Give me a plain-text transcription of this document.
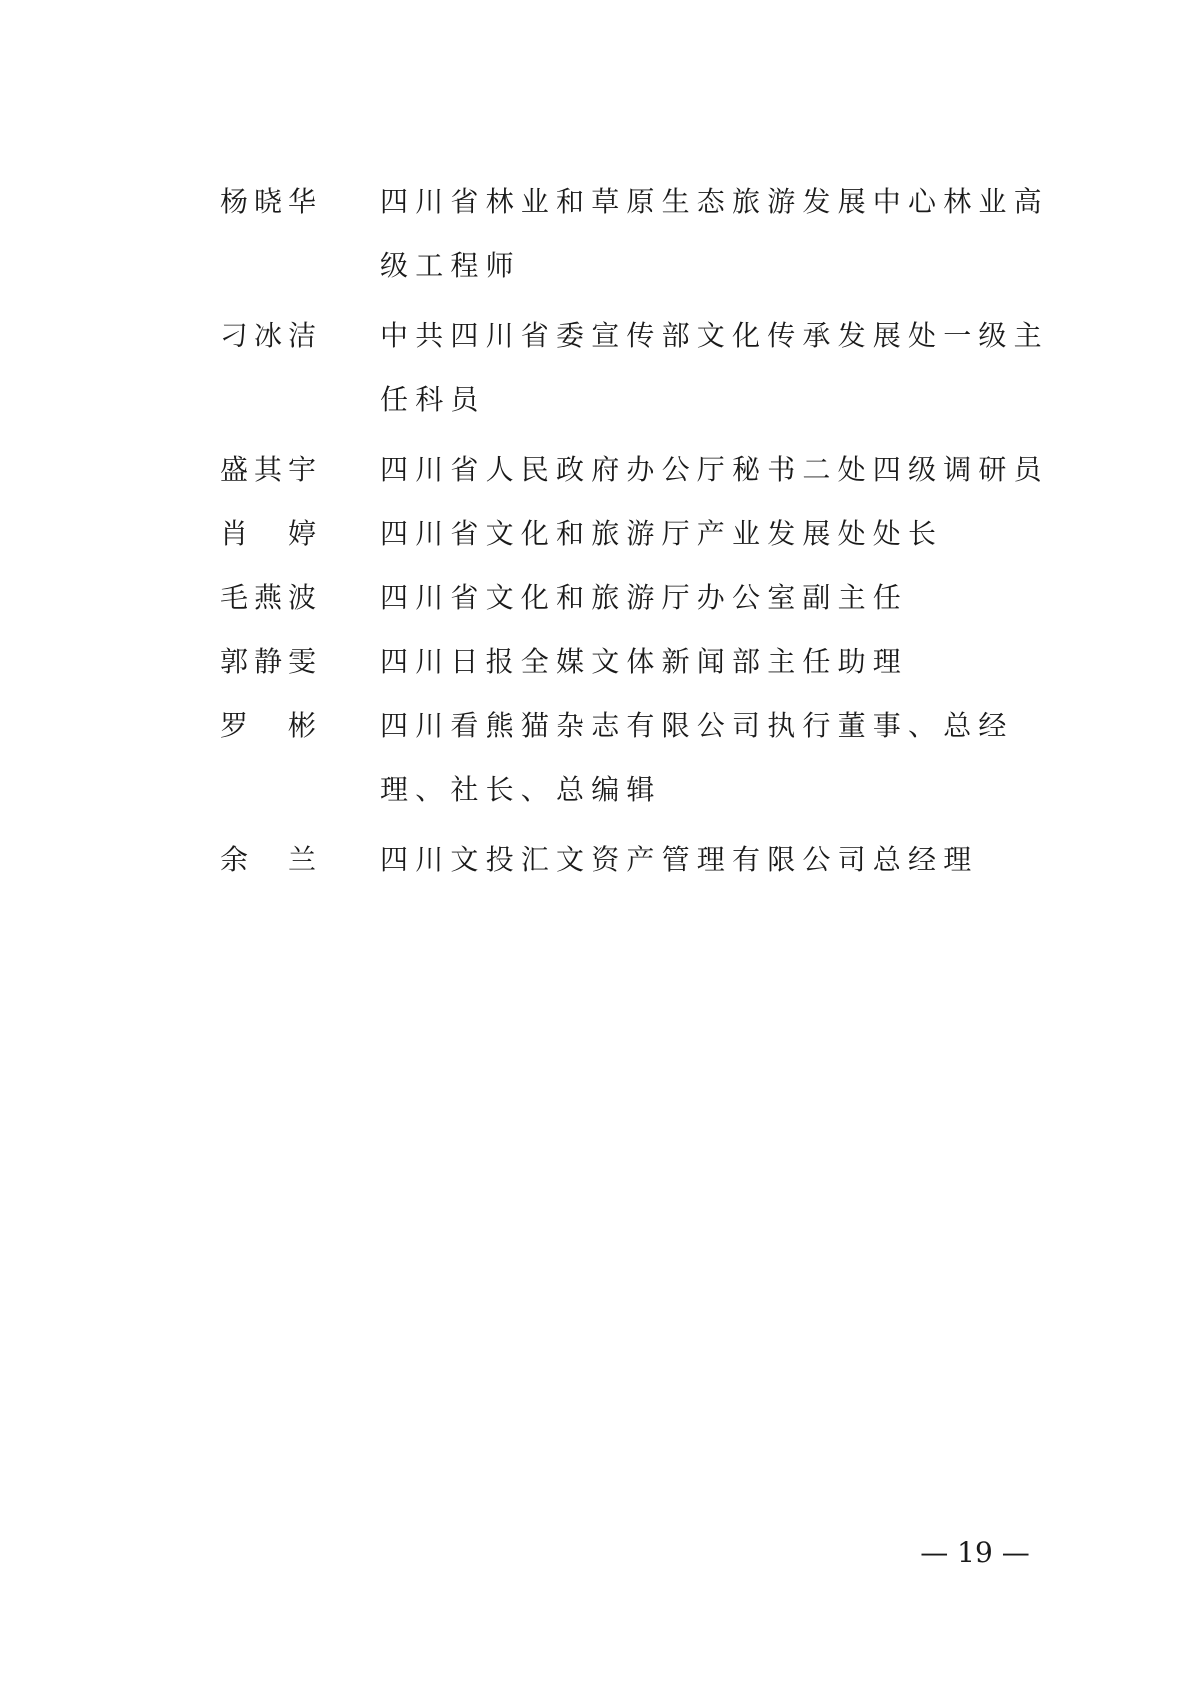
杨晓华	四川省林业和草原生态旅游发展中心林业高级工程师
刁冰洁	中共四川省委宣传部文化传承发展处一级主任科员
盛其宇	四川省人民政府办公厅秘书二处四级调研员
肖　婷	四川省文化和旅游厅产业发展处处长
毛燕波	四川省文化和旅游厅办公室副主任
郭静雯	四川日报全媒文体新闻部主任助理
罗　彬	四川看熊猫杂志有限公司执行董事、总经理、社长、总编辑
余　兰	四川文投汇文资产管理有限公司总经理
— 19 —
